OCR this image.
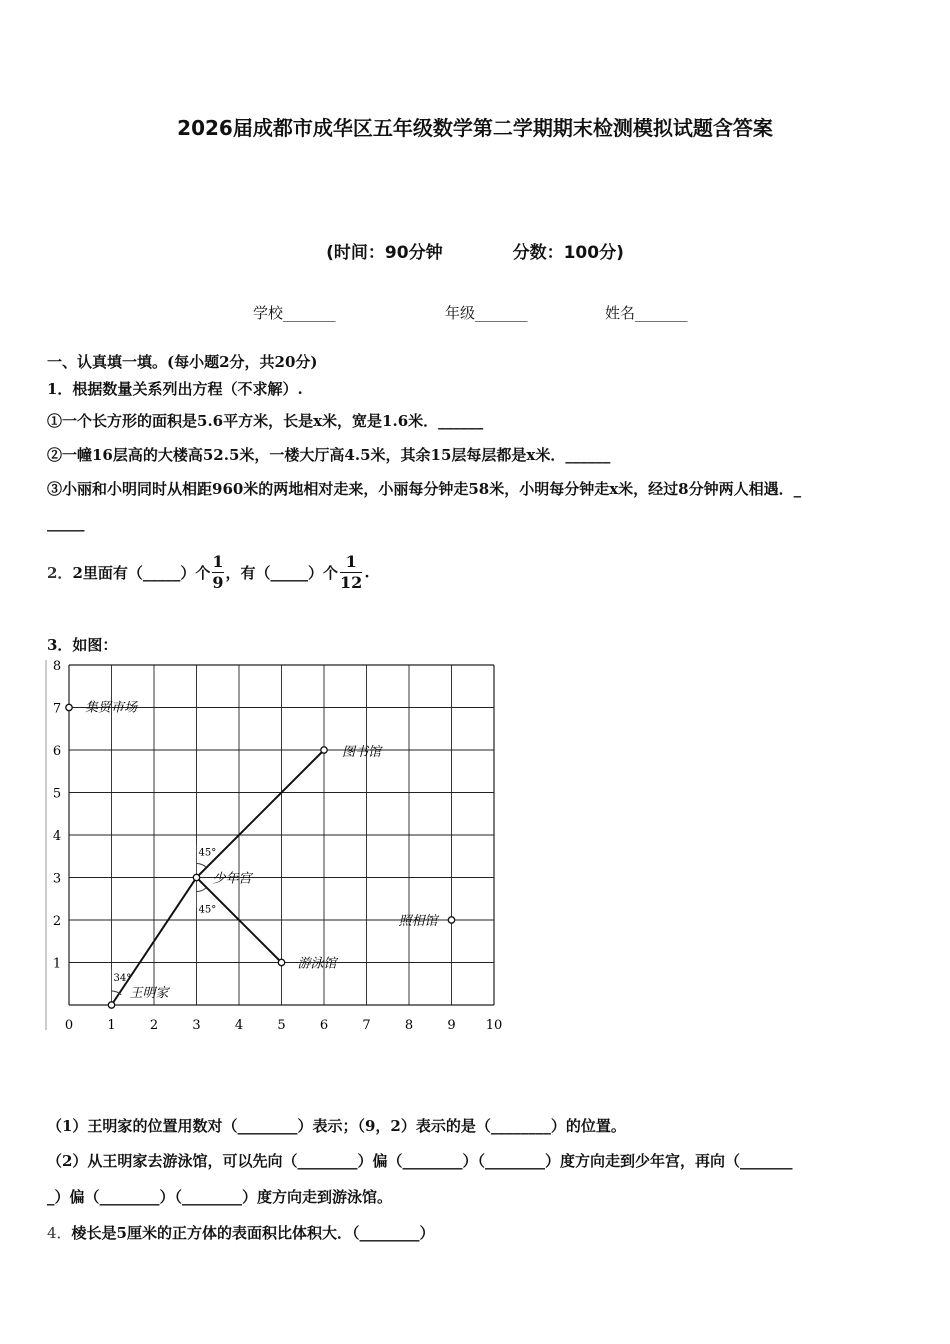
2026届成都市成华区五年级数学第二学期期末检测模拟试题含答案
(时间：90分钟	分数：100分)
学校_______	年级_______	姓名_______
一、认真填一填。(每小题2分，共20分)
1．根据数量关系列出方程（不求解）.
①一个长方形的面积是5.6平方米，长是x米，宽是1.6米．______
②一幢16层高的大楼高52.5米，一楼大厅高4.5米，其余15层每层都是x米．______
③小丽和小明同时从相距960米的两地相对走来，小丽每分钟走58米，小明每分钟走x米，经过8分钟两人相遇．_
_____
2．2里面有（_____）个 $\frac{1}{9}$ ，有（_____）个 $\frac{1}{12}$ .
3．如图：
45°
45°
34°
集贸市场
图书馆
少年宫
照相馆
游泳馆
王明家
0	1	2	3	4	5	6	7	8	9 10
1
2
3
4
5
6
7
8
（1）王明家的位置用数对（________）表示；（9，2）表示的是（________）的位置。
（2）从王明家去游泳馆，可以先向（________）偏（________）（________）度方向走到少年宫，再向（_______
_）偏（________）（________）度方向走到游泳馆。
4．棱长是5厘米的正方体的表面积比体积大．（________）
